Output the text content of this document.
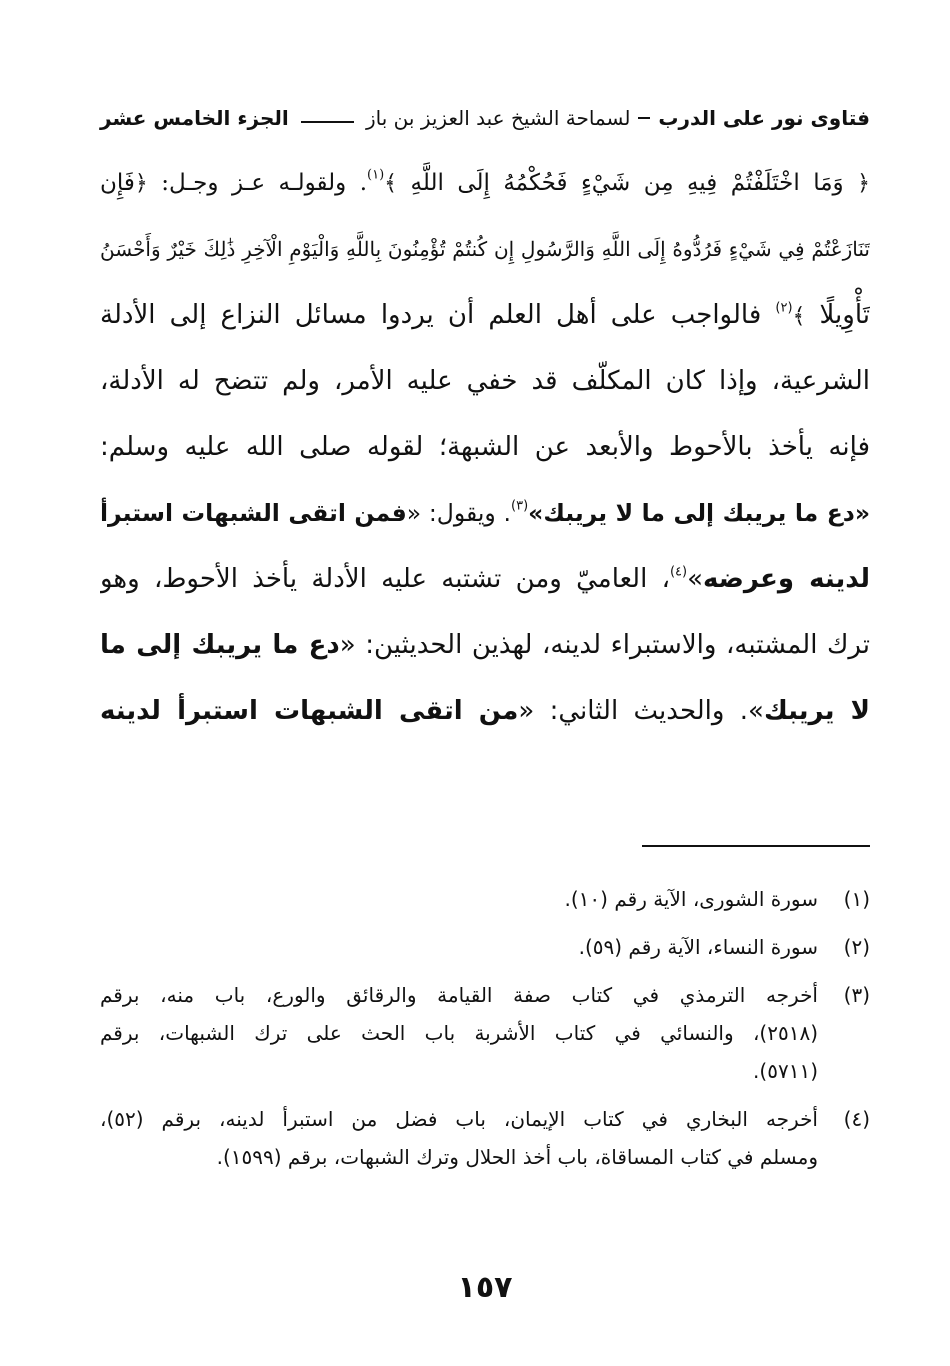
فتاوى نور على الدرب
لسماحة الشيخ عبد العزيز بن باز
الجزء الخامس عشر
﴿ وَمَا اخْتَلَفْتُمْ فِيهِ مِن شَيْءٍ فَحُكْمُهُ إِلَى اللَّهِ ﴾$^{(١)}$. ولقولـه عـز وجـل: ﴿فَإِن
تَنَازَعْتُمْ فِي شَيْءٍ فَرُدُّوهُ إِلَى اللَّهِ وَالرَّسُولِ إِن كُنتُمْ تُؤْمِنُونَ بِاللَّهِ وَالْيَوْمِ الْآخِرِ ذَٰلِكَ خَيْرٌ وَأَحْسَنُ
تَأْوِيلًا ﴾$^{(٢)}$ فالواجب على أهل العلم أن يردوا مسائل النزاع إلى الأدلة
الشرعية، وإذا كان المكلّف قد خفي عليه الأمر، ولم تتضح له الأدلة،
فإنه يأخذ بالأحوط والأبعد عن الشبهة؛ لقوله صلى الله عليه وسلم:
«دع ما يريبك إلى ما لا يريبك»$^{(٣)}$. ويقول: «فمن اتقى الشبهات استبرأ
لدينه وعرضه»$^{(٤)}$، العاميّ ومن تشتبه عليه الأدلة يأخذ الأحوط، وهو
ترك المشتبه، والاستبراء لدينه، لهذين الحديثين: «دع ما يريبك إلى ما
لا يريبك». والحديث الثاني: «من اتقى الشبهات استبرأ لدينه
(١)
سورة الشورى، الآية رقم (١٠).
(٢)
سورة النساء، الآية رقم (٥٩).
(٣)
أخرجه الترمذي في كتاب صفة القيامة والرقائق والورع، باب منه، برقم
(٢٥١٨)، والنسائي في كتاب الأشربة باب الحث على ترك الشبهات، برقم
(٥٧١١).
(٤)
أخرجه البخاري في كتاب الإيمان، باب فضل من استبرأ لدينه، برقم (٥٢)،
ومسلم في كتاب المساقاة، باب أخذ الحلال وترك الشبهات، برقم (١٥٩٩).
١٥٧
